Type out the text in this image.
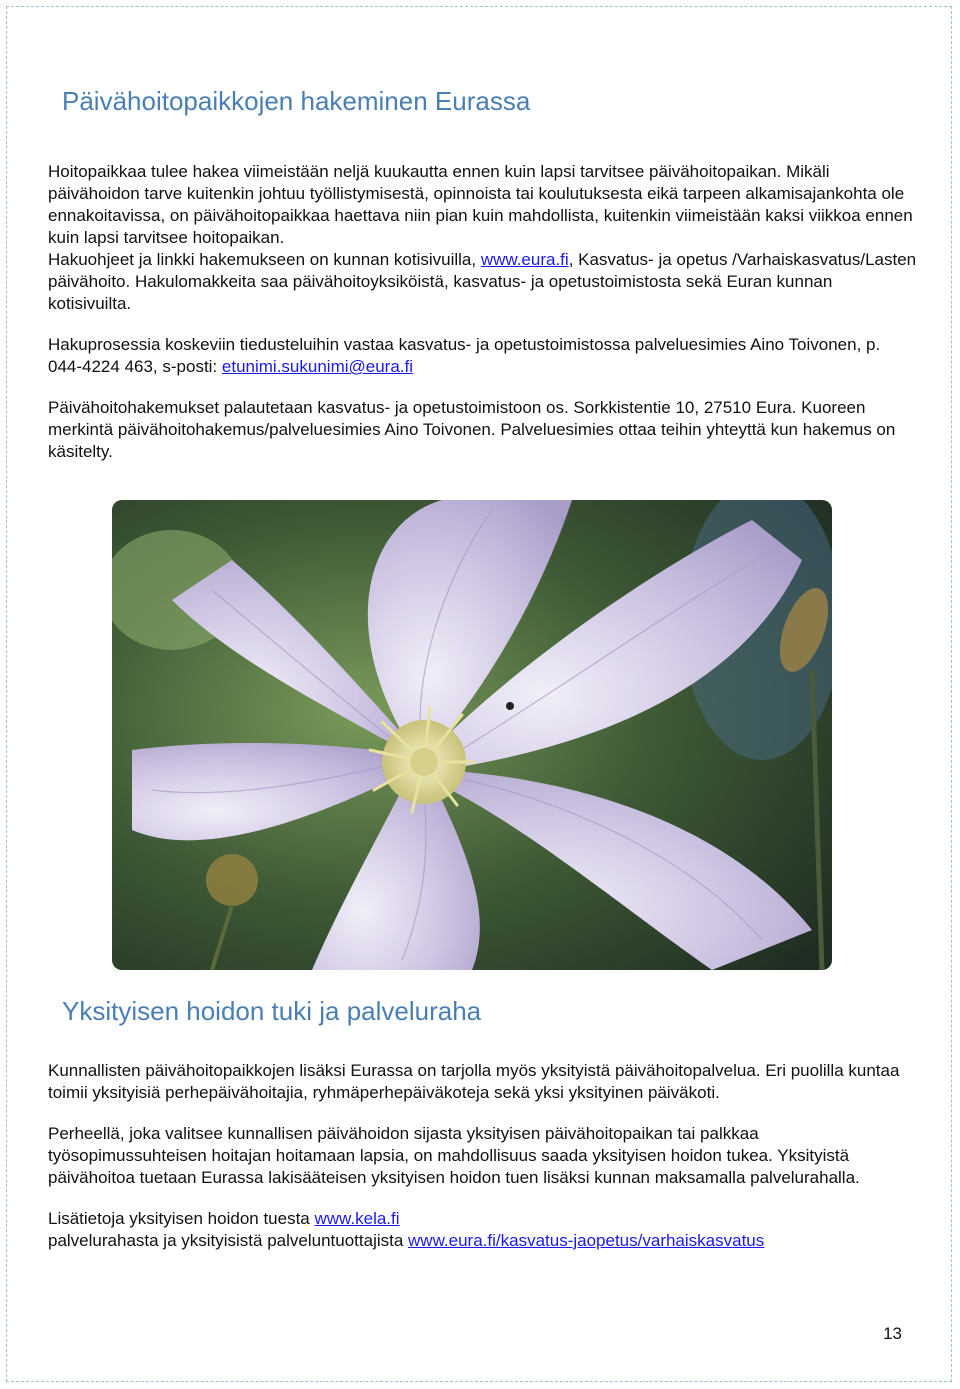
Päivähoitopaikkojen hakeminen Eurassa

Hoitopaikkaa tulee hakea viimeistään neljä kuukautta ennen kuin lapsi tarvitsee päivähoitopaikan. Mikäli päivähoidon tarve kuitenkin johtuu työllistymisestä, opinnoista tai koulutuksesta eikä tarpeen alkamisajankohta ole ennakoitavissa, on päivähoitopaikkaa haettava niin pian kuin mahdollista, kuitenkin viimeistään kaksi viikkoa ennen kuin lapsi tarvitsee hoitopaikan.
Hakuohjeet ja linkki hakemukseen on kunnan kotisivuilla, www.eura.fi, Kasvatus- ja opetus /Varhaiskasvatus/Lasten päivähoito. Hakulomakkeita saa päivähoitoyksiköistä, kasvatus- ja opetustoimistosta sekä Euran kunnan kotisivuilta.

Hakuprosessia koskeviin tiedusteluihin vastaa kasvatus- ja opetustoimistossa palveluesimies Aino Toivonen, p. 044-4224 463, s-posti: etunimi.sukunimi@eura.fi

Päivähoitohakemukset palautetaan kasvatus- ja opetustoimistoon os. Sorkkistentie 10, 27510 Eura. Kuoreen merkintä päivähoitohakemus/palveluesimies Aino Toivonen. Palveluesimies ottaa teihin yhteyttä kun hakemus on käsitelty.

Yksityisen hoidon tuki ja palveluraha

Kunnallisten päivähoitopaikkojen lisäksi Eurassa on tarjolla myös yksityistä päivähoitopalvelua. Eri puolilla kuntaa toimii yksityisiä perhepäivähoitajia, ryhmäperhepäiväkoteja sekä yksi yksityinen päiväkoti.

Perheellä, joka valitsee kunnallisen päivähoidon sijasta yksityisen päivähoitopaikan tai palkkaa työsopimussuhteisen hoitajan hoitamaan lapsia, on mahdollisuus saada yksityisen hoidon tukea. Yksityistä päivähoitoa tuetaan Eurassa lakisääteisen yksityisen hoidon tuen lisäksi kunnan maksamalla palvelurahalla.

Lisätietoja yksityisen hoidon tuesta www.kela.fi
palvelurahasta ja yksityisistä palveluntuottajista www.eura.fi/kasvatus-jaopetus/varhaiskasvatus

13
